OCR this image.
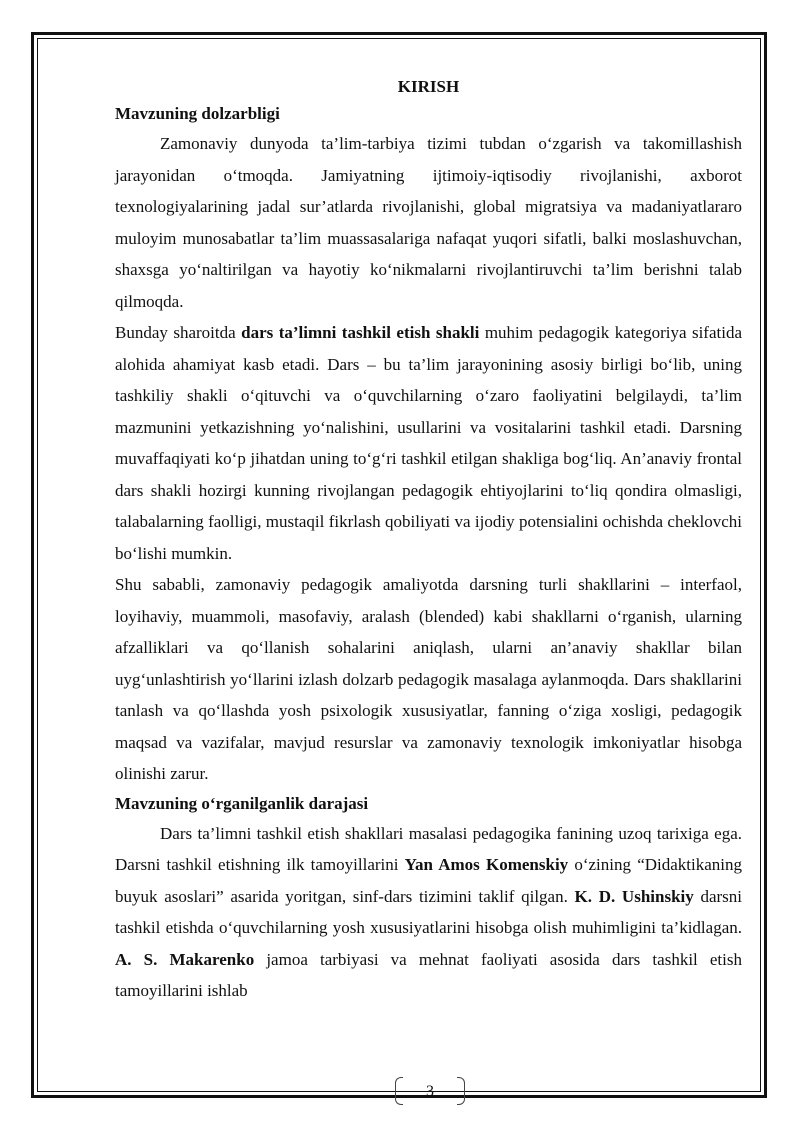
KIRISH
Mavzuning dolzarbligi

Zamonaviy dunyoda ta’lim-tarbiya tizimi tubdan o‘zgarish va takomillashish jarayonidan o‘tmoqda. Jamiyatning ijtimoiy-iqtisodiy rivojlanishi, axborot texnologiyalarining jadal sur’atlarda rivojlanishi, global migratsiya va madaniyatlararo muloyim munosabatlar ta’lim muassasalariga nafaqat yuqori sifatli, balki moslashuvchan, shaxsga yo‘naltirilgan va hayotiy ko‘nikmalarni rivojlantiruvchi ta’lim berishni talab qilmoqda.

Bunday sharoitda dars ta’limni tashkil etish shakli muhim pedagogik kategoriya sifatida alohida ahamiyat kasb etadi. Dars – bu ta’lim jarayonining asosiy birligi bo‘lib, uning tashkiliy shakli o‘qituvchi va o‘quvchilarning o‘zaro faoliyatini belgilaydi, ta’lim mazmunini yetkazishning yo‘nalishini, usullarini va vositalarini tashkil etadi. Darsning muvaffaqiyati ko‘p jihatdan uning to‘g‘ri tashkil etilgan shakliga bog‘liq. An’anaviy frontal dars shakli hozirgi kunning rivojlangan pedagogik ehtiyojlarini to‘liq qondira olmasligi, talabalarning faolligi, mustaqil fikrlash qobiliyati va ijodiy potensialini ochishda cheklovchi bo‘lishi mumkin.

Shu sababli, zamonaviy pedagogik amaliyotda darsning turli shakllarini – interfaol, loyihaviy, muammoli, masofaviy, aralash (blended) kabi shakllarni o‘rganish, ularning afzalliklari va qo‘llanish sohalarini aniqlash, ularni an’anaviy shakllar bilan uyg‘unlashtirish yo‘llarini izlash dolzarb pedagogik masalaga aylanmoqda. Dars shakllarini tanlash va qo‘llashda yosh psixologik xususiyatlar, fanning o‘ziga xosligi, pedagogik maqsad va vazifalar, mavjud resurslar va zamonaviy texnologik imkoniyatlar hisobga olinishi zarur.

Mavzuning o‘rganilganlik darajasi

Dars ta’limni tashkil etish shakllari masalasi pedagogika fanining uzoq tarixiga ega. Darsni tashkil etishning ilk tamoyillarini Yan Amos Komenskiy o‘zining “Didaktikaning buyuk asoslari” asarida yoritgan, sinf-dars tizimini taklif qilgan. K. D. Ushinskiy darsni tashkil etishda o‘quvchilarning yosh xususiyatlarini hisobga olish muhimligini ta’kidlagan. A. S. Makarenko jamoa tarbiyasi va mehnat faoliyati asosida dars tashkil etish tamoyillarini ishlab

3
